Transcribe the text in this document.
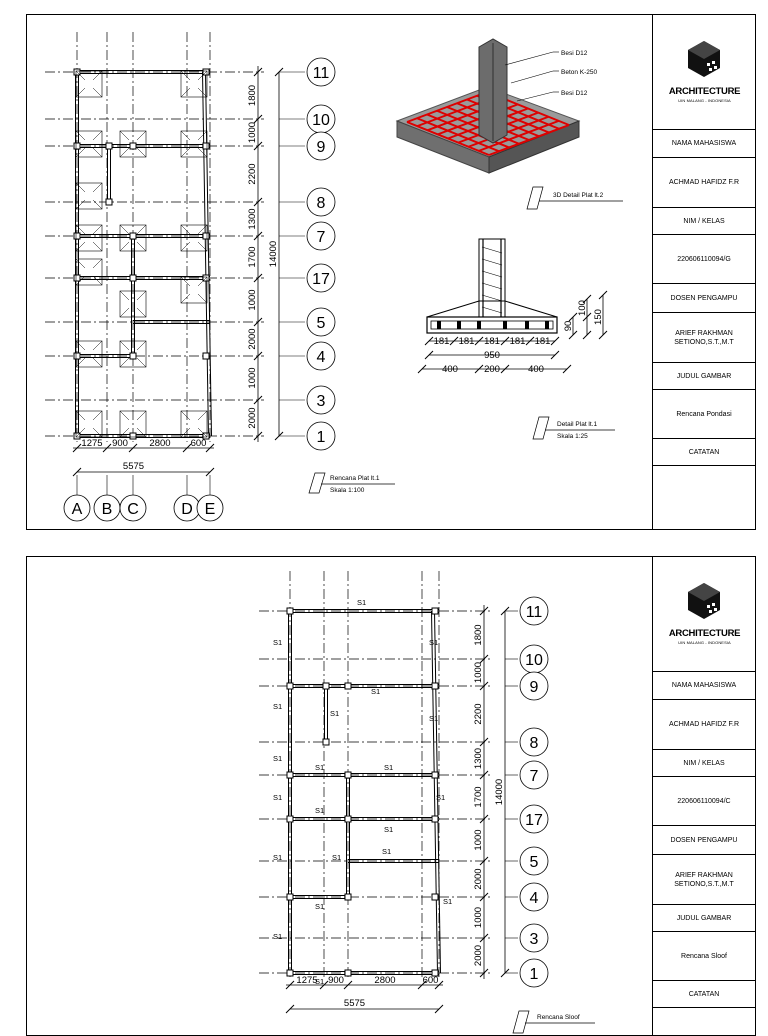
1800
1000
2200
1300
1700
1000
2000
1000
2000
14000
11
10
9
8
7
17
5
4
3
1
1275 900 2800 600
5575
A B C	D E
Rencana Plat lt.1
Skala 1:100
Besi D12
Beton K-250
Besi D12
3D Detail Plat lt.2
181 181 181 181 181
950
400	200	400
100
90
150
Detail Plat lt.1
Skala 1:25
ARCHITECTURE
UIN MALANG - INDONESIA
NAMA MAHASISWA
ACHMAD HAFIDZ F.R
NIM / KELAS
220606110094/G
DOSEN PENGAMPU
ARIEF RAKHMAN SETIONO,S.T.,M.T
JUDUL GAMBAR
Rencana Pondasi
CATATAN
1800
1000
2200
1300
1700
1000
2000
1000
2000
14000
11
10
9
8
7
17
5
4
3
1
1275 900	2800	600
5575
S1
S1	S1
S1
S1
S1
S1
S1
S1	S1
S1	S1
S1
S1
S1
S1	S1
S1
S1
S1
S1
Rencana Sloof
ARCHITECTURE
UIN MALANG - INDONESIA
NAMA MAHASISWA
ACHMAD HAFIDZ F.R
NIM / KELAS
220606110094/C
DOSEN PENGAMPU
ARIEF RAKHMAN SETIONO,S.T.,M.T
JUDUL GAMBAR
Rencana Sloof
CATATAN
